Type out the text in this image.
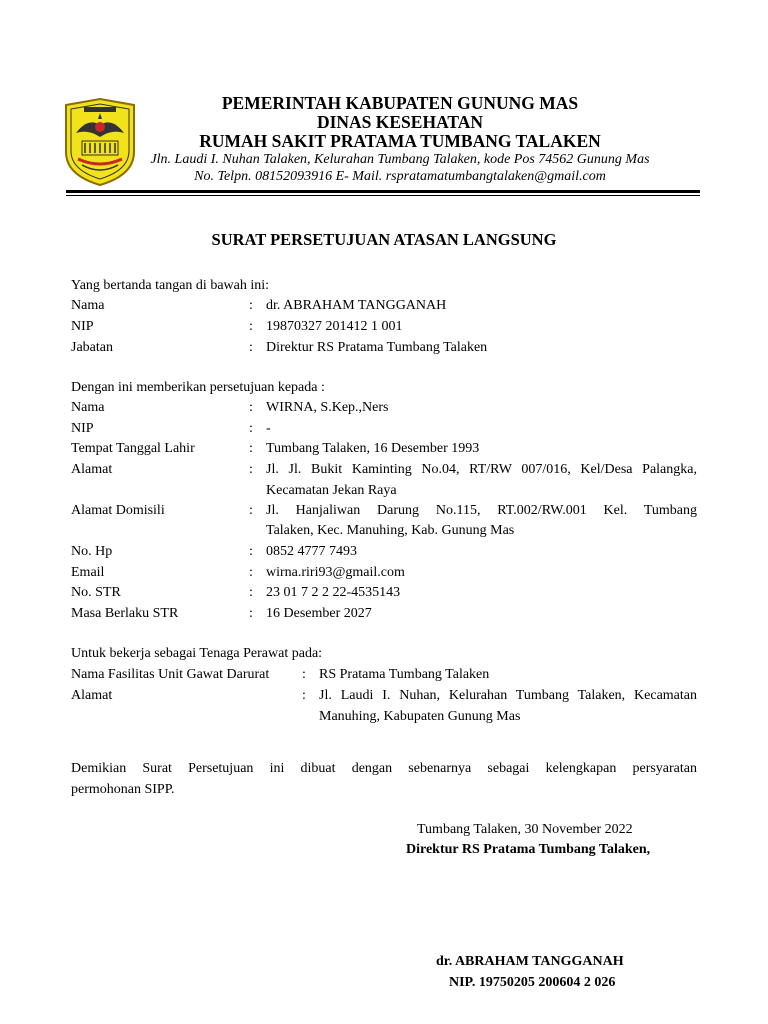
PEMERINTAH KABUPATEN GUNUNG MAS
DINAS KESEHATAN
RUMAH SAKIT PRATAMA TUMBANG TALAKEN
Jln. Laudi I. Nuhan Talaken, Kelurahan Tumbang Talaken, kode Pos 74562 Gunung Mas
No. Telpn. 08152093916 E- Mail. rspratamatumbangtalaken@gmail.com
SURAT PERSETUJUAN ATASAN LANGSUNG
Yang bertanda tangan di bawah ini:
Nama	: dr. ABRAHAM TANGGANAH
NIP	: 19870327 201412 1 001
Jabatan	: Direktur RS Pratama Tumbang Talaken
Dengan ini memberikan persetujuan kepada :
Nama	: WIRNA, S.Kep.,Ners
NIP	: -
Tempat Tanggal Lahir	: Tumbang Talaken, 16 Desember 1993
Alamat	: Jl. Jl. Bukit Kaminting No.04, RT/RW 007/016, Kel/Desa Palangka,
Kecamatan Jekan Raya
Alamat Domisili	: Jl. Hanjaliwan Darung No.115, RT.002/RW.001 Kel. Tumbang
Talaken, Kec. Manuhing, Kab. Gunung Mas
No. Hp	: 0852 4777 7493
Email	: wirna.riri93@gmail.com
No. STR	: 23 01 7 2 2 22-4535143
Masa Berlaku STR	: 16 Desember 2027
Untuk bekerja sebagai Tenaga Perawat pada:
Nama Fasilitas Unit Gawat Darurat : RS Pratama Tumbang Talaken
Alamat	: Jl. Laudi I. Nuhan, Kelurahan Tumbang Talaken, Kecamatan
Manuhing, Kabupaten Gunung Mas
Demikian Surat Persetujuan ini dibuat dengan sebenarnya sebagai kelengkapan persyaratan
permohonan SIPP.
Tumbang Talaken, 30 November 2022
Direktur RS Pratama Tumbang Talaken,
dr. ABRAHAM TANGGANAH
NIP. 19750205 200604 2 026
